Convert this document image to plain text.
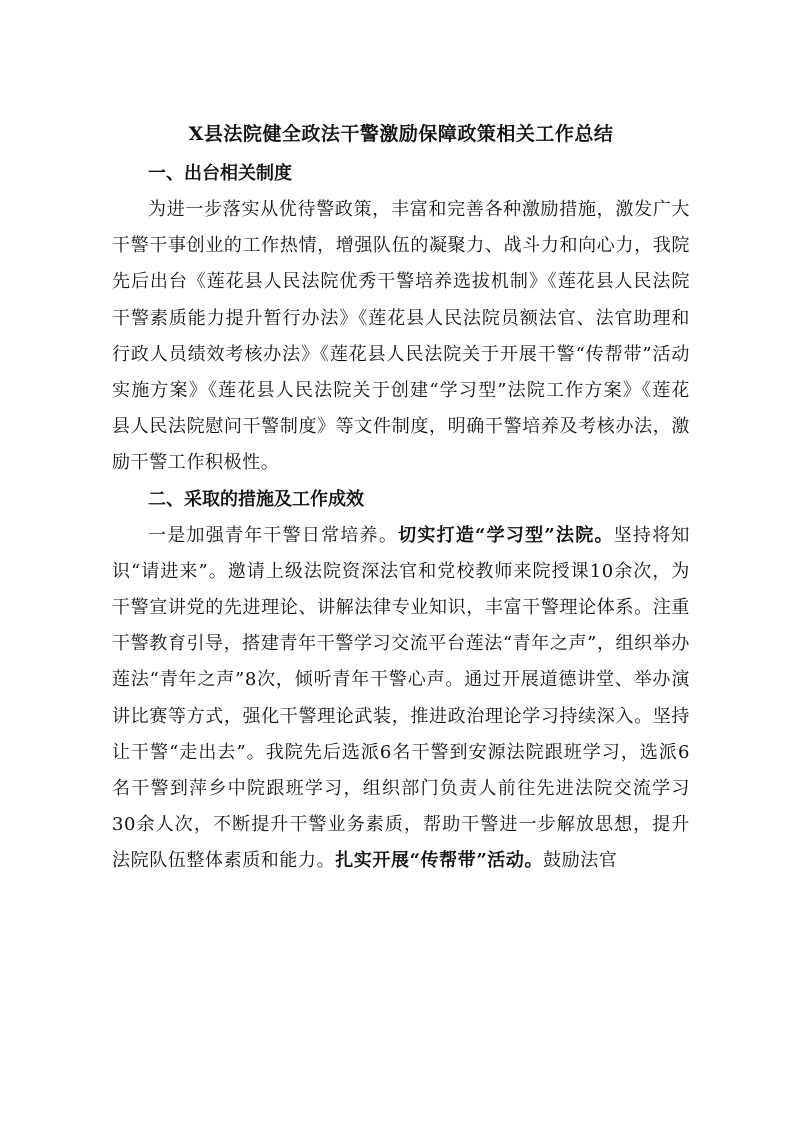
X县法院健全政法干警激励保障政策相关工作总结

一、出台相关制度

为进一步落实从优待警政策，丰富和完善各种激励措施，激发广大干警干事创业的工作热情，增强队伍的凝聚力、战斗力和向心力，我院先后出台《莲花县人民法院优秀干警培养选拔机制》《莲花县人民法院干警素质能力提升暂行办法》《莲花县人民法院员额法官、法官助理和行政人员绩效考核办法》《莲花县人民法院关于开展干警“传帮带”活动实施方案》《莲花县人民法院关于创建“学习型”法院工作方案》《莲花县人民法院慰问干警制度》等文件制度，明确干警培养及考核办法，激励干警工作积极性。

二、采取的措施及工作成效

一是加强青年干警日常培养。切实打造“学习型”法院。坚持将知识“请进来”。邀请上级法院资深法官和党校教师来院授课10余次，为干警宣讲党的先进理论、讲解法律专业知识，丰富干警理论体系。注重干警教育引导，搭建青年干警学习交流平台莲法“青年之声”，组织举办莲法“青年之声”8次，倾听青年干警心声。通过开展道德讲堂、举办演讲比赛等方式，强化干警理论武装，推进政治理论学习持续深入。坚持让干警“走出去”。我院先后选派6名干警到安源法院跟班学习，选派6名干警到萍乡中院跟班学习，组织部门负责人前往先进法院交流学习30余人次，不断提升干警业务素质，帮助干警进一步解放思想，提升法院队伍整体素质和能力。扎实开展“传帮带”活动。鼓励法官
